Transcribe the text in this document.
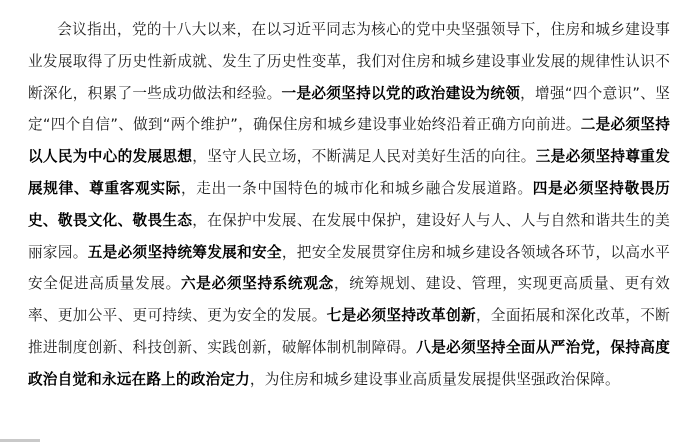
会议指出，党的十八大以来，在以习近平同志为核心的党中央坚强领导下，住房和城乡建设事业发展取得了历史性新成就、发生了历史性变革，我们对住房和城乡建设事业发展的规律性认识不断深化，积累了一些成功做法和经验。一是必须坚持以党的政治建设为统领，增强“四个意识”、坚定“四个自信”、做到“两个维护”，确保住房和城乡建设事业始终沿着正确方向前进。二是必须坚持以人民为中心的发展思想，坚守人民立场，不断满足人民对美好生活的向往。三是必须坚持尊重发展规律、尊重客观实际，走出一条中国特色的城市化和城乡融合发展道路。四是必须坚持敬畏历史、敬畏文化、敬畏生态，在保护中发展、在发展中保护，建设好人与人、人与自然和谐共生的美丽家园。五是必须坚持统筹发展和安全，把安全发展贯穿住房和城乡建设各领域各环节，以高水平安全促进高质量发展。六是必须坚持系统观念，统筹规划、建设、管理，实现更高质量、更有效率、更加公平、更可持续、更为安全的发展。七是必须坚持改革创新，全面拓展和深化改革，不断推进制度创新、科技创新、实践创新，破解体制机制障碍。八是必须坚持全面从严治党，保持高度政治自觉和永远在路上的政治定力，为住房和城乡建设事业高质量发展提供坚强政治保障。
